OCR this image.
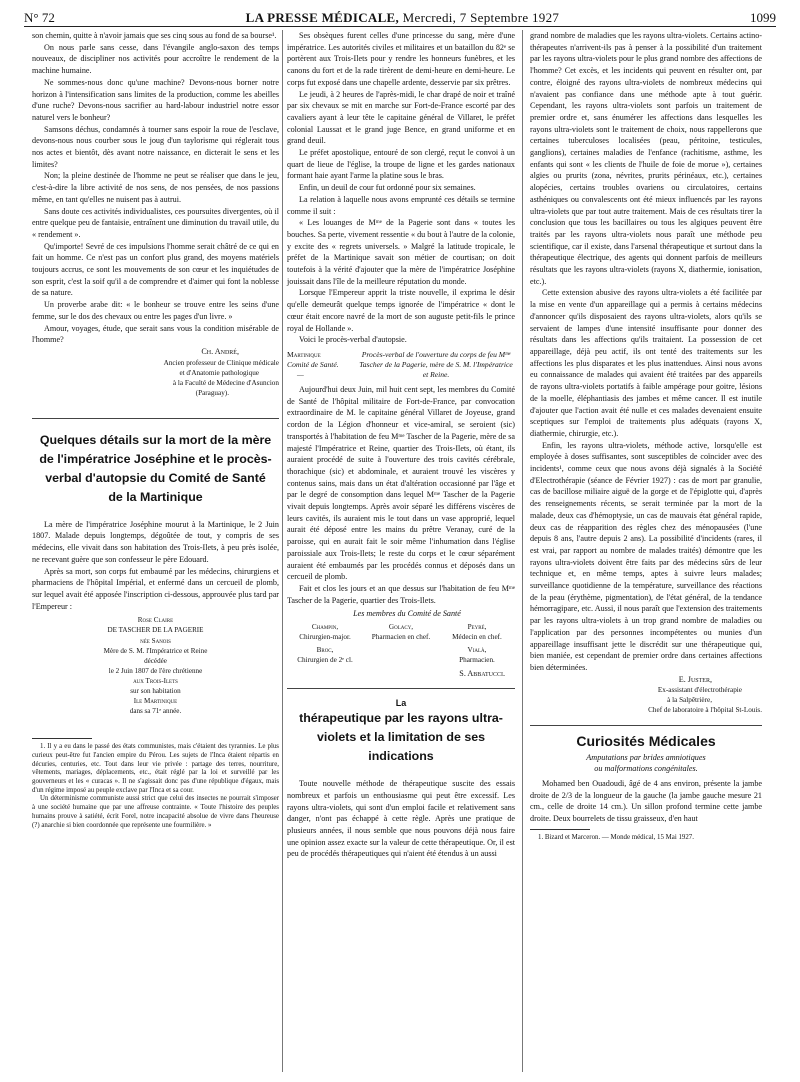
N° 72	LA PRESSE MÉDICALE, Mercredi, 7 Septembre 1927	1099

son chemin, quitte à n'avoir jamais que ses cinq sous au fond de sa bourse¹.

On nous parle sans cesse, dans l'évangile anglo-saxon des temps nouveaux, de discipliner nos activités pour accroître le rendement de la machine humaine.

Ne sommes-nous donc qu'une machine? Devons-nous borner notre horizon à l'intensification sans limites de la production, comme les abeilles d'une ruche? Devons-nous sacrifier au hard-labour industriel notre essor naturel vers le bonheur?

Samsons déchus, condamnés à tourner sans espoir la roue de l'esclave, devons-nous nous courber sous le joug d'un taylorisme qui réglerait tous nos actes et bientôt, dès avant notre naissance, en dicterait le sens et les limites?

Non; la pleine destinée de l'homme ne peut se réaliser que dans le jeu, c'est-à-dire la libre activité de nos sens, de nos pensées, de nos passions même, en tant qu'elles ne nuisent pas à autrui.

Sans doute ces activités individualistes, ces poursuites divergentes, où il entre quelque peu de fantaisie, entraînent une diminution du travail utile, du « rendement ».

Qu'importe! Sevré de ces impulsions l'homme serait châtré de ce qui en fait un homme. Ce n'est pas un confort plus grand, des moyens matériels toujours accrus, ce sont les mouvements de son cœur et les inquiétudes de son esprit, c'est la soif qu'il a de comprendre et d'aimer qui font la noblesse de sa nature.

Un proverbe arabe dit: « le bonheur se trouve entre les seins d'une femme, sur le dos des chevaux ou entre les pages d'un livre. »

Amour, voyages, étude, que serait sans vous la condition misérable de l'homme?

Ch. André,

Ancien professeur de Clinique médicale

et d'Anatomie pathologique

à la Faculté de Médecine d'Asuncion

(Paraguay).

Quelques détails sur la mort de la mère de l'impératrice Joséphine et le procès-verbal d'autopsie du Comité de Santé de la Martinique

La mère de l'impératrice Joséphine mourut à la Martinique, le 2 Juin 1807. Malade depuis longtemps, dégoûtée de tout, y compris de ses médecins, elle vivait dans son habitation des Trois-Ilets, à peu près isolée, ne recevant guère que son confesseur le père Edouard.

Après sa mort, son corps fut embaumé par les médecins, chirurgiens et pharmaciens de l'hôpital Impérial, et enfermé dans un cercueil de plomb, sur lequel avait été apposée l'inscription ci-dessous, approuvée plus tard par l'Empereur :

Rose Claire

DE TASCHER DE LA PAGERIE

née Sanois

Mère de S. M. l'Impératrice et Reine

décédée

le 2 Juin 1807 de l'ère chrétienne

aux Trois-Ilets

sur son habitation

Ile Martinique

dans sa 71ᵉ année.

1. Il y a eu dans le passé des états communistes, mais c'étaient des tyrannies. Le plus curieux peut-être fut l'ancien empire du Pérou. Les sujets de l'Inca étaient répartis en décuries, centuries, etc. Tout dans leur vie privée : partage des terres, nourriture, vêtements, mariages, déplacements, etc., était réglé par la loi et surveillé par les gouverneurs et les « curacas ». Il ne s'agissait donc pas d'une république d'égaux, mais d'un régime imposé au peuple exclave par l'Inca et sa cour.

Un déterminisme communiste aussi strict que celui des insectes ne pourrait s'imposer à une société humaine que par une affreuse contrainte. « Toute l'histoire des peuples humains prouve à satiété, écrit Forel, notre incapacité absolue de vivre dans l'heureuse (?) anarchie si bien coordonnée que représente une fourmilière. »

Ses obsèques furent celles d'une princesse du sang, mère d'une impératrice. Les autorités civiles et militaires et un bataillon du 82ᵉ se portèrent aux Trois-Ilets pour y rendre les honneurs funèbres, et les canons du fort et de la rade tirèrent de demi-heure en demi-heure. Le corps fut exposé dans une chapelle ardente, desservie par six prêtres.

Le jeudi, à 2 heures de l'après-midi, le char drapé de noir et traîné par six chevaux se mit en marche sur Fort-de-France escorté par des cavaliers ayant à leur tête le capitaine général de Villaret, le préfet colonial Laussat et le grand juge Bence, en grand uniforme et en grand deuil.

Le préfet apostolique, entouré de son clergé, reçut le convoi à un quart de lieue de l'église, la troupe de ligne et les gardes nationaux formant haie ayant l'arme la platine sous le bras.

Enfin, un deuil de cour fut ordonné pour six semaines.

La relation à laquelle nous avons emprunté ces détails se termine comme il suit :

« Les louanges de Mᵐᵉ de la Pagerie sont dans « toutes les bouches. Sa perte, vivement ressentie « du bout à l'autre de la colonie, y excite des « regrets universels. » Malgré la latitude tropicale, le préfet de la Martinique savait son métier de courtisan; on doit toutefois à la vérité d'ajouter que la mère de l'impératrice Joséphine jouissait dans l'île de la meilleure réputation du monde.

Lorsque l'Empereur apprit la triste nouvelle, il exprima le désir qu'elle demeurât quelque temps ignorée de l'impératrice « dont le cœur était encore navré de la mort de son auguste petit-fils le prince royal de Hollande ».

Voici le procès-verbal d'autopsie.

Martinique
Comité de Santé.
—
Procès-verbal de l'ouverture du corps de feu Mᵐᵉ Tascher de la Pagerie, mère de S. M. l'Impératrice et Reine.

Aujourd'hui deux Juin, mil huit cent sept, les membres du Comité de Santé de l'hôpital militaire de Fort-de-France, par convocation extraordinaire de M. le capitaine général Villaret de Joyeuse, grand cordon de la Légion d'honneur et vice-amiral, se seroient (sic) transportés à l'habitation de feu Mᵐᵉ Tascher de la Pagerie, mère de sa majesté l'Impératrice et Reine, quartier des Trois-Ilets, où étant, ils auraient procédé de suite à l'ouverture des trois cavités cérébrale, thorachique (sic) et abdominale, et auraient trouvé les viscères y contenus sains, mais dans un état d'altération occasionné par l'âge et par le degré de consomption dans lequel Mᵐᵉ Tascher de la Pagerie vivait depuis longtemps. Après avoir séparé les différens viscères de leurs cavités, ils auraient mis le tout dans un vase approprié, lequel aurait été déposé entre les mains du prêtre Veranay, curé de la paroisse, qui en aurait fait le soir même l'inhumation dans l'église paroissiale aux Trois-Ilets; le reste du corps et le cœur séparément auraient été embaumés par les procédés connus et déposés dans un cercueil de plomb.

Fait et clos les jours et an que dessus sur l'habitation de feu Mᵐᵉ Tascher de la Pagerie, quartier des Trois-Ilets.

Les membres du Comité de Santé

Champin,
Chirurgien-major.
Golacy,
Pharmacien en chef.
Peyré,
Médecin en chef.
Broc,
Chirurgien de 2ᵉ cl.
Vialà,
Pharmacien.

S. Abbatucci.

La
thérapeutique par les rayons ultra-violets et la limitation de ses indications

Toute nouvelle méthode de thérapeutique suscite des essais nombreux et parfois un enthousiasme qui peut être excessif. Les rayons ultra-violets, qui sont d'un emploi facile et relativement sans danger, n'ont pas échappé à cette règle. Après une pratique de plusieurs années, il nous semble que nous pouvons déjà nous faire une opinion assez exacte sur la valeur de cette thérapeutique. Or, il est peu de procédés thérapeutiques qui n'aient été étendus à un aussi

grand nombre de maladies que les rayons ultra-violets. Certains actino-thérapeutes n'arrivent-ils pas à penser à la possibilité d'un traitement par les rayons ultra-violets pour le plus grand nombre des affections de l'homme? Cet excès, et les incidents qui peuvent en résulter ont, par contre, éloigné des rayons ultra-violets de nombreux médecins qui n'avaient pas confiance dans une méthode apte à tout guérir. Cependant, les rayons ultra-violets sont parfois un traitement de premier ordre et, sans énumérer les affections dans lesquelles les rayons ultra-violets sont le traitement de choix, nous rappellerons que certaines tuberculoses localisées (peau, péritoine, testicules, ganglions), certaines maladies de l'enfance (rachitisme, asthme, les enfants qui sont « les clients de l'huile de foie de morue »), certaines algies ou prurits (zona, névrites, prurits périnéaux, etc.), certaines alopécies, certains troubles ovariens ou circulatoires, certains asthéniques ou convalescents ont été mieux influencés par les rayons ultra-violets que par tout autre traitement. Mais de ces résultats tirer la conclusion que tous les bacillaires ou tous les algiques peuvent être traités par les rayons ultra-violets nous paraît une méthode peu scientifique, car il existe, dans l'arsenal thérapeutique et surtout dans la thérapeutique électrique, des agents qui donnent parfois de meilleurs résultats que les rayons ultra-violets (rayons X, diathermie, ionisation, etc.).

Cette extension abusive des rayons ultra-violets a été facilitée par la mise en vente d'un appareillage qui a permis à certains médecins d'annoncer qu'ils disposaient des rayons ultra-violets, alors qu'ils se servaient de lampes d'une intensité insuffisante pour donner des résultats dans les affections qu'ils traitaient. La possession de cet appareillage, déjà peu actif, ils ont tenté des traitements sur les affections les plus disparates et les plus inattendues. Ainsi nous avons eu connaissance de malades qui avaient été traitées par des appareils de rayons ultra-violets portatifs à faible ampérage pour goitre, lésions de la moelle, éléphantiasis des jambes et même cancer. Il est inutile d'ajouter que l'action avait été nulle et ces malades devenaient ensuite sceptiques sur l'emploi de traitements plus adéquats (rayons X, diathermie, chirurgie, etc.).

Enfin, les rayons ultra-violets, méthode active, lorsqu'elle est employée à doses suffisantes, sont susceptibles de coïncider avec des incidents¹, comme ceux que nous avons déjà signalés à la Société d'Electrothérapie (séance de Février 1927) : cas de mort par granulie, cas de bacillose miliaire aiguë de la gorge et de l'épiglotte qui, d'après des renseignements récents, se serait terminée par la mort de la malade, deux cas d'hémoptysie, un cas de mauvais état général rapide, deux cas de réapparition des règles chez des ménopausées (l'une depuis 8 ans, l'autre depuis 2 ans). La possibilité d'incidents (rares, il est vrai, par rapport au nombre de malades traités) démontre que les rayons ultra-violets doivent être faits par des médecins sûrs de leur technique et, en même temps, aptes à suivre leurs malades; surveillance quotidienne de la température, surveillance des réactions de la peau (érythème, pigmentation), de l'état général, de la tendance hémorragipare, etc. Aussi, il nous paraît que l'extension des traitements par les rayons ultra-violets à un trop grand nombre de maladies ou l'application par des personnes incompétentes ou munies d'un appareillage insuffisant jette le discrédit sur une thérapeutique qui, bien maniée, est cependant de premier ordre dans certaines affections bien déterminées.

E. Juster,

Ex-assistant d'électrothérapie

à la Salpêtrière,

Chef de laboratoire à l'hôpital St-Louis.

Curiosités Médicales
Amputations par brides amniotiques
ou malformations congénitales.

Mohamed ben Ouadoudi, âgé de 4 ans environ, présente la jambe droite de 2/3 de la longueur de la gauche (la jambe gauche mesure 21 cm., celle de droite 14 cm.). Un sillon profond termine cette jambe droite. Deux bourrelets de tissu graisseux, d'en haut

1. Bizard et Marceron. — Monde médical, 15 Mai 1927.
